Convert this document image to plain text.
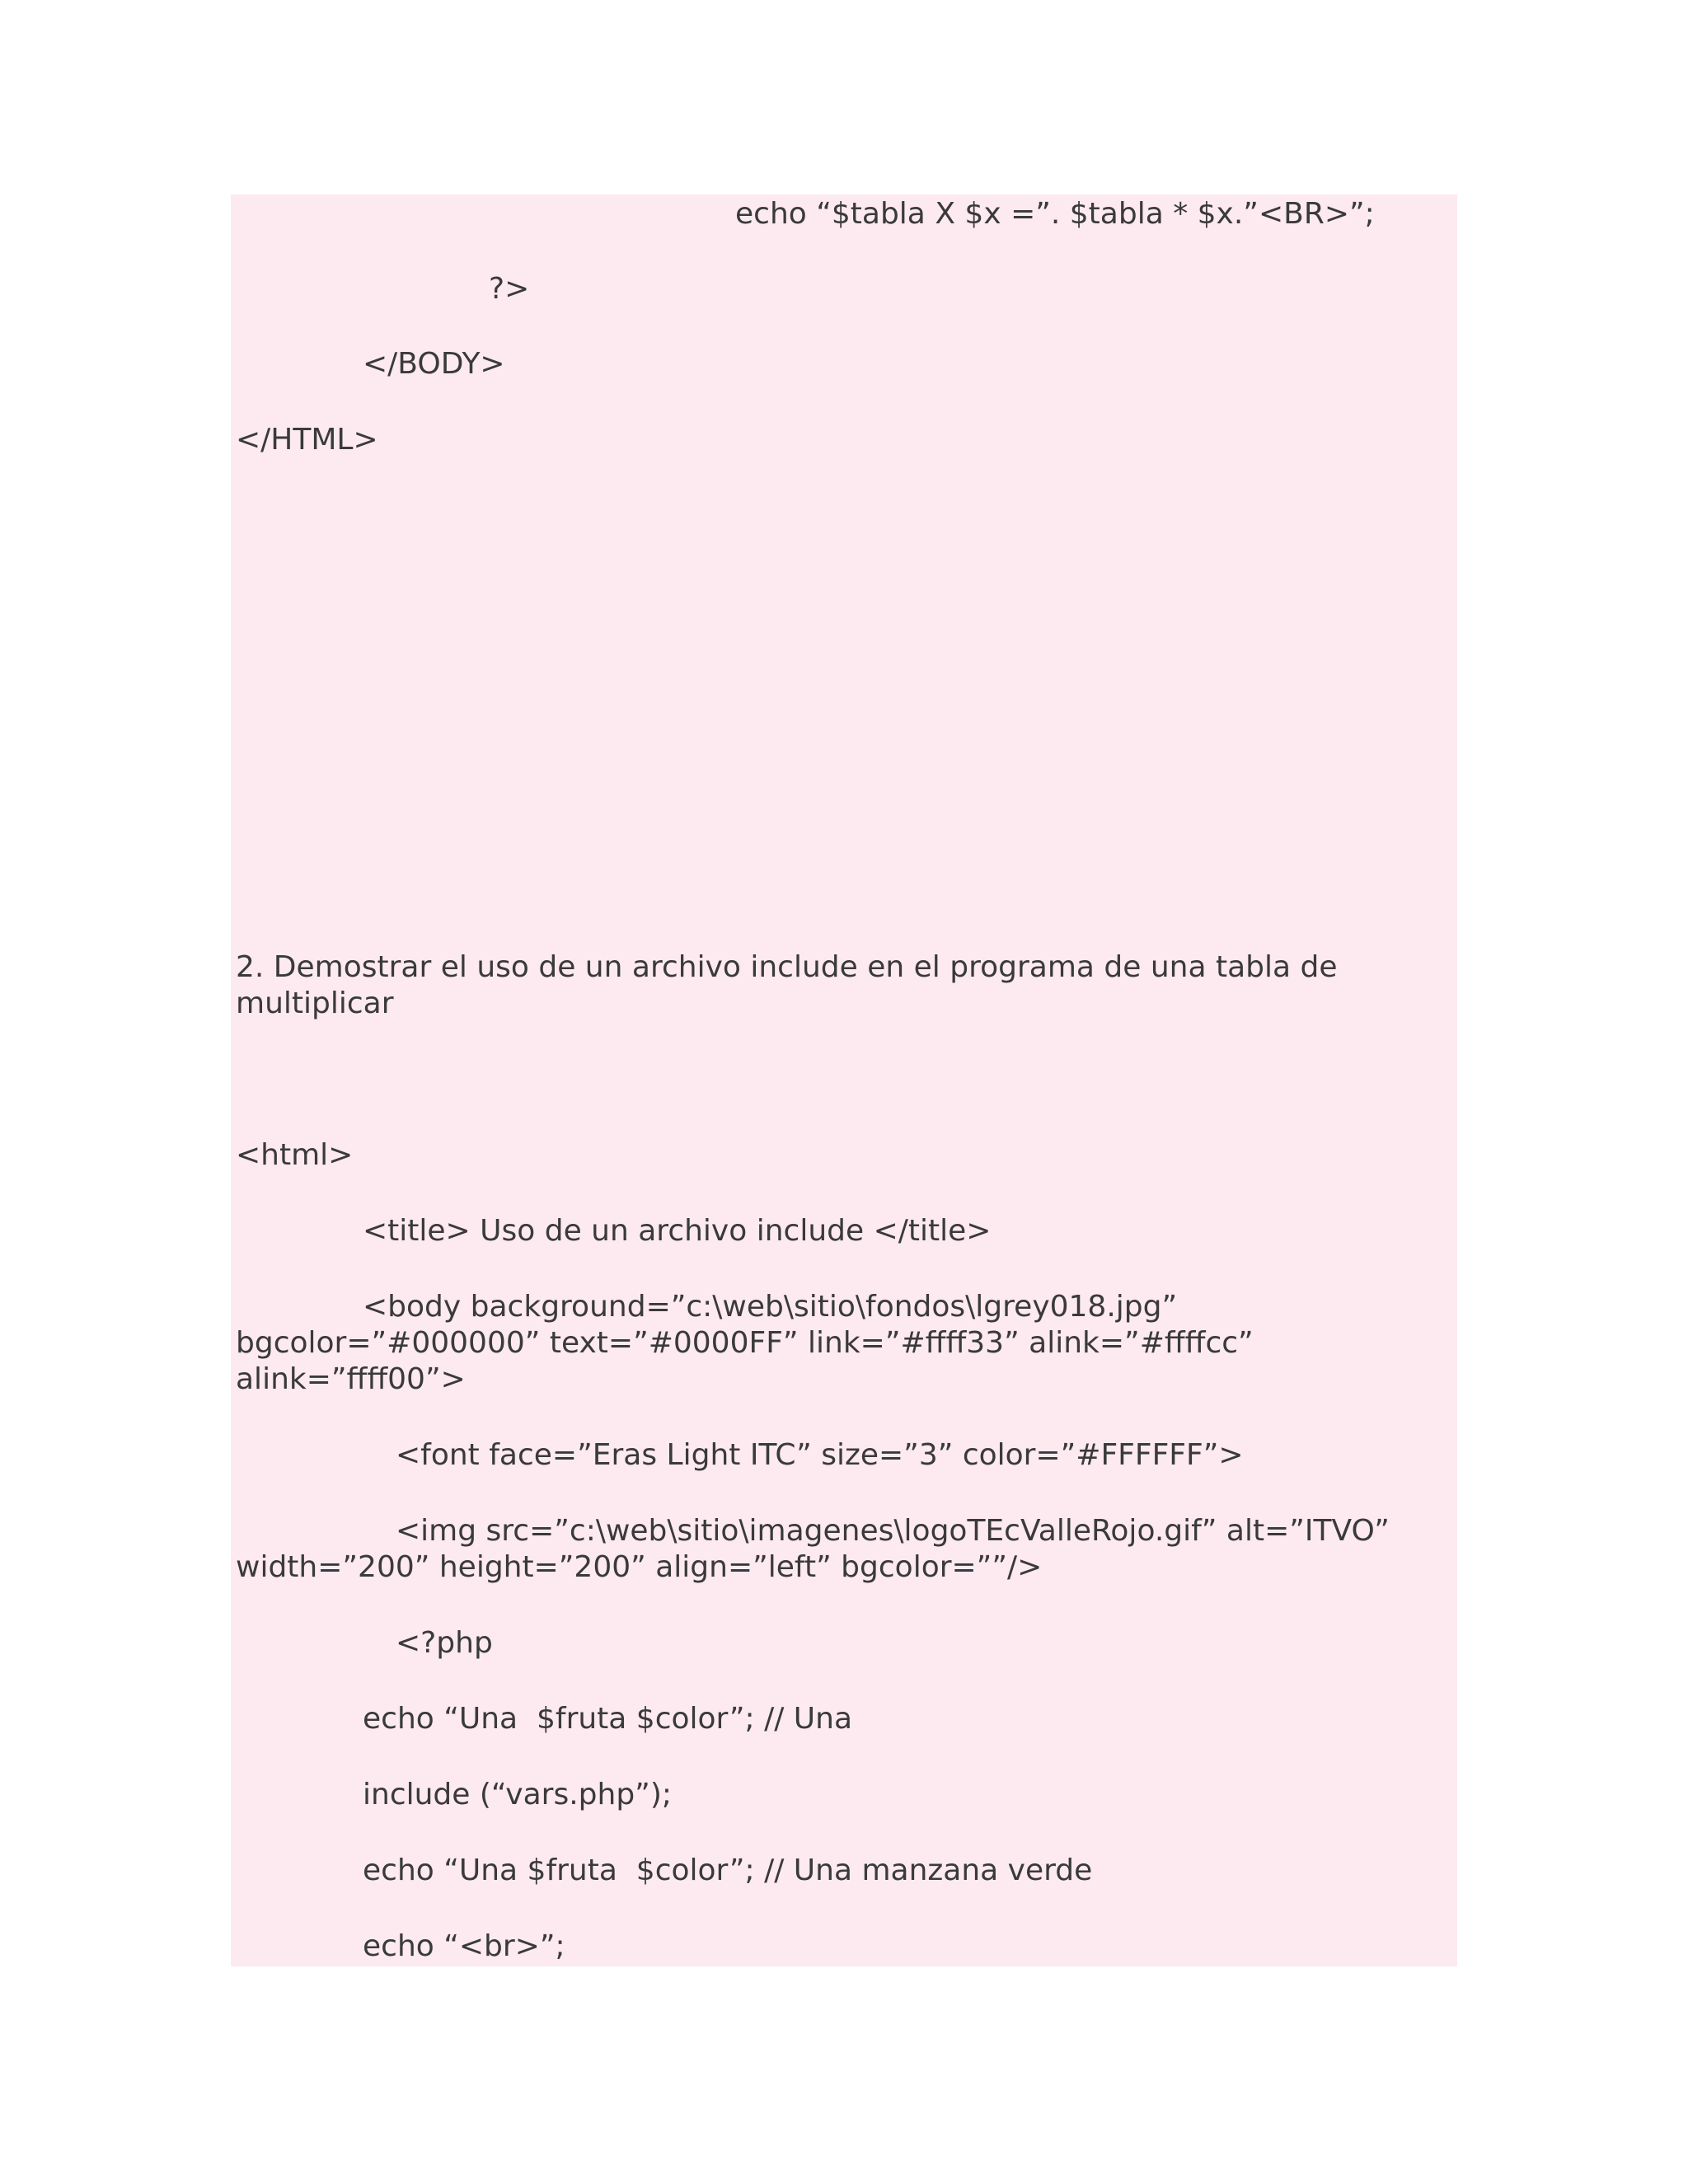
echo “$tabla X $x =”. $tabla * $x.”<BR>”;

?>

</BODY>

</HTML>

2. Demostrar el uso de un archivo include en el programa de una tabla de multiplicar

<html>

<title> Uso de un archivo include </title>

<body background=”c:\web\sitio\fondos\lgrey018.jpg” bgcolor=”#000000” text=”#0000FF” link=”#ffff33” alink=”#ffffcc” alink=”ffff00”>

<font face=”Eras Light ITC” size=”3” color=”#FFFFFF”>

<img src=”c:\web\sitio\imagenes\logoTEcValleRojo.gif” alt=”ITVO” width=”200” height=”200” align=”left” bgcolor=””/>

<?php

echo “Una  $fruta $color”; // Una

include (“vars.php”);

echo “Una $fruta  $color”; // Una manzana verde

echo “<br>”;
